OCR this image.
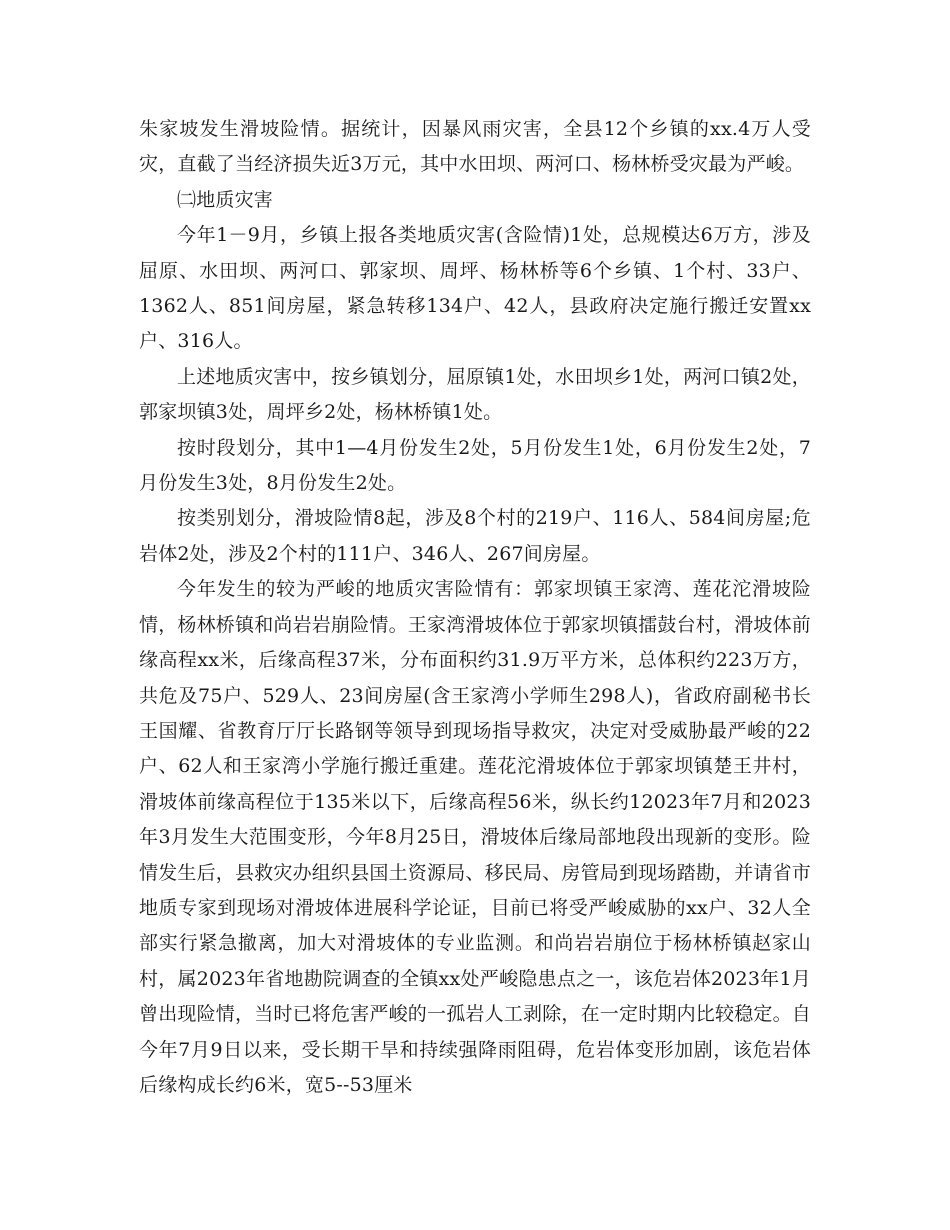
朱家坡发生滑坡险情。据统计，因暴风雨灾害，全县12个乡镇的xx.4万人受灾，直截了当经济损失近3万元，其中水田坝、两河口、杨林桥受灾最为严峻。

㈡地质灾害

今年1－9月，乡镇上报各类地质灾害(含险情)1处，总规模达6万方，涉及屈原、水田坝、两河口、郭家坝、周坪、杨林桥等6个乡镇、1个村、33户、1362人、851间房屋，紧急转移134户、42人，县政府决定施行搬迁安置xx户、316人。

上述地质灾害中，按乡镇划分，屈原镇1处，水田坝乡1处，两河口镇2处，郭家坝镇3处，周坪乡2处，杨林桥镇1处。

按时段划分，其中1—4月份发生2处，5月份发生1处，6月份发生2处，7月份发生3处，8月份发生2处。

按类别划分，滑坡险情8起，涉及8个村的219户、116人、584间房屋;危岩体2处，涉及2个村的111户、346人、267间房屋。

今年发生的较为严峻的地质灾害险情有：郭家坝镇王家湾、莲花沱滑坡险情，杨林桥镇和尚岩岩崩险情。王家湾滑坡体位于郭家坝镇擂鼓台村，滑坡体前缘高程xx米，后缘高程37米，分布面积约31.9万平方米，总体积约223万方，共危及75户、529人、23间房屋(含王家湾小学师生298人)，省政府副秘书长王国耀、省教育厅厅长路钢等领导到现场指导救灾，决定对受威胁最严峻的22户、62人和王家湾小学施行搬迁重建。莲花沱滑坡体位于郭家坝镇楚王井村，滑坡体前缘高程位于135米以下，后缘高程56米，纵长约12023年7月和2023年3月发生大范围变形，今年8月25日，滑坡体后缘局部地段出现新的变形。险情发生后，县救灾办组织县国土资源局、移民局、房管局到现场踏勘，并请省市地质专家到现场对滑坡体进展科学论证，目前已将受严峻威胁的xx户、32人全部实行紧急撤离，加大对滑坡体的专业监测。和尚岩岩崩位于杨林桥镇赵家山村，属2023年省地勘院调查的全镇xx处严峻隐患点之一，该危岩体2023年1月曾出现险情，当时已将危害严峻的一孤岩人工剥除，在一定时期内比较稳定。自今年7月9日以来，受长期干旱和持续强降雨阻碍，危岩体变形加剧，该危岩体后缘构成长约6米，宽5--53厘米
